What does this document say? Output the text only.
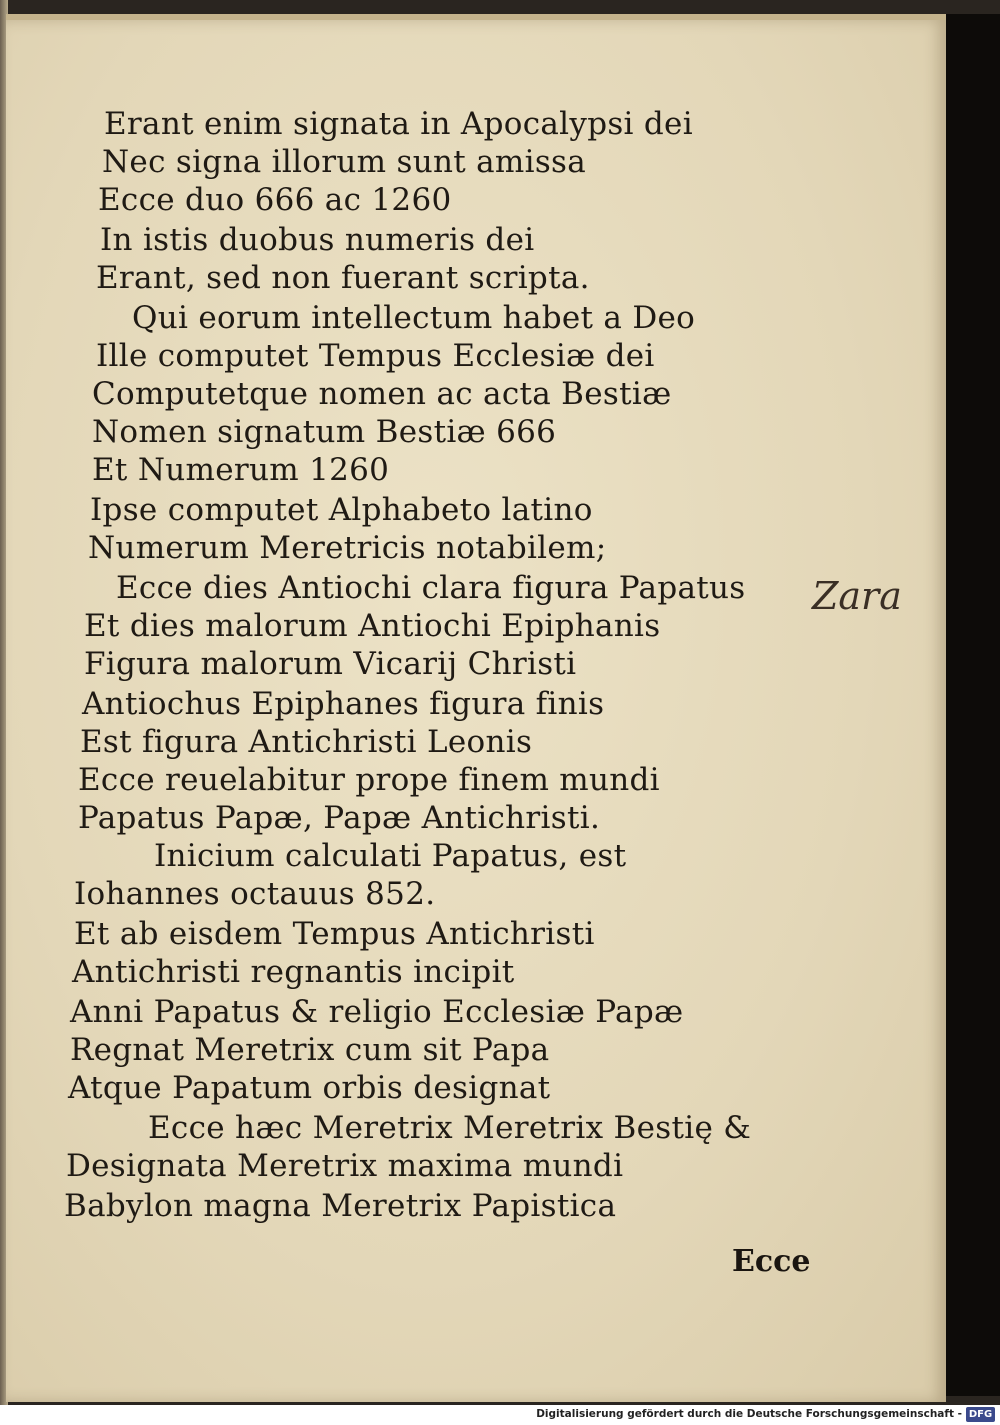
Erant enim signata in Apocalypsi dei
Nec signa illorum sunt amissa
Ecce duo 666 ac 1260
In istis duobus numeris dei
Erant, sed non fuerant scripta.
Qui eorum intellectum habet a Deo
Ille computet Tempus Ecclesiæ dei
Computetque nomen ac acta Bestiæ
Nomen signatum Bestiæ 666
Et Numerum 1260
Ipse computet Alphabeto latino
Numerum Meretricis notabilem;
Ecce dies Antiochi clara figura Papatus
Et dies malorum Antiochi Epiphanis
Figura malorum Vicarij Christi
Antiochus Epiphanes figura finis
Est figura Antichristi Leonis
Ecce reuelabitur prope finem mundi
Papatus Papæ, Papæ Antichristi.
Inicium calculati Papatus, est
Iohannes octauus 852.
Et ab eisdem Tempus Antichristi
Antichristi regnantis incipit
Anni Papatus & religio Ecclesiæ Papæ
Regnat Meretrix cum sit Papa
Atque Papatum orbis designat
Ecce hæc Meretrix Meretrix Bestię &
Designata Meretrix maxima mundi
Babylon magna Meretrix Papistica
Zara
Ecce
Digitalisierung gefördert durch die Deutsche Forschungsgemeinschaft - DFG
